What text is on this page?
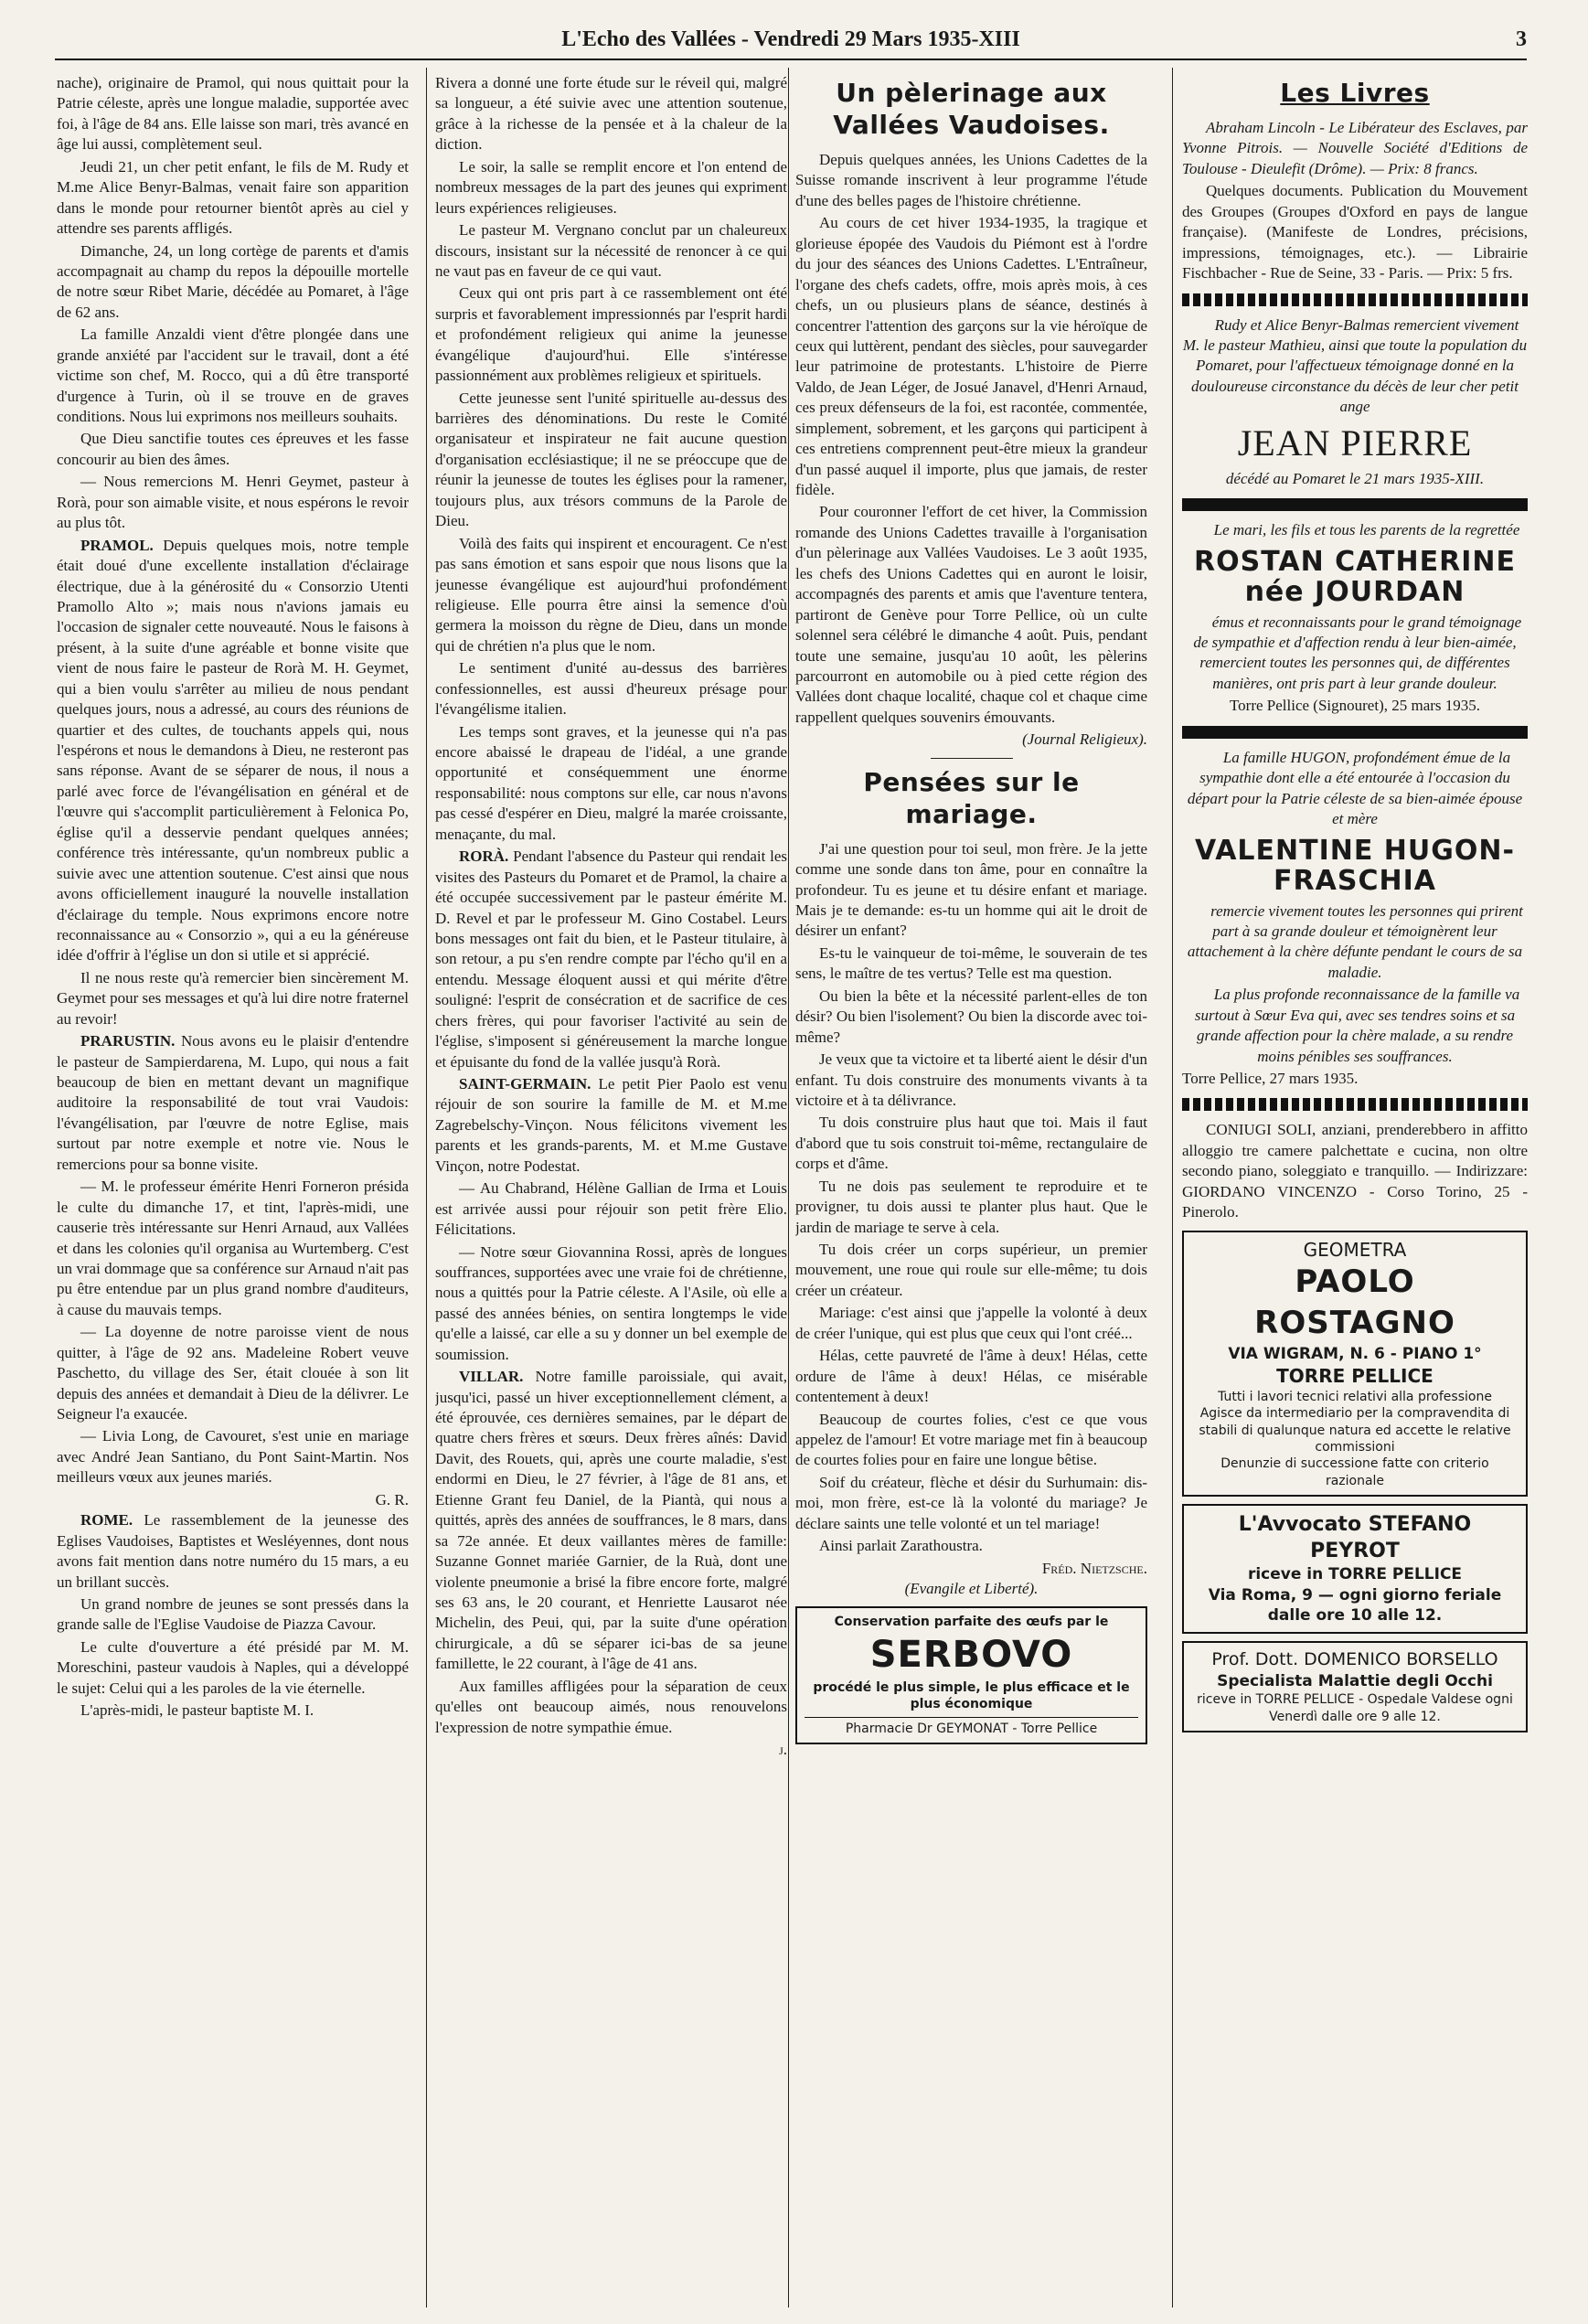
L'Echo des Vallées - Vendredi 29 Mars 1935-XIII	3

nache), originaire de Pramol, qui nous quittait pour la Patrie céleste, après une longue maladie, supportée avec foi, à l'âge de 84 ans. Elle laisse son mari, très avancé en âge lui aussi, complètement seul.

Jeudi 21, un cher petit enfant, le fils de M. Rudy et M.me Alice Benyr-Balmas, venait faire son apparition dans le monde pour retourner bientôt après au ciel y attendre ses parents affligés.

Dimanche, 24, un long cortège de parents et d'amis accompagnait au champ du repos la dépouille mortelle de notre sœur Ribet Marie, décédée au Pomaret, à l'âge de 62 ans.

La famille Anzaldi vient d'être plongée dans une grande anxiété par l'accident sur le travail, dont a été victime son chef, M. Rocco, qui a dû être transporté d'urgence à Turin, où il se trouve en de graves conditions. Nous lui exprimons nos meilleurs souhaits.

Que Dieu sanctifie toutes ces épreuves et les fasse concourir au bien des âmes.

— Nous remercions M. Henri Geymet, pasteur à Rorà, pour son aimable visite, et nous espérons le revoir au plus tôt.

PRAMOL. Depuis quelques mois, notre temple était doué d'une excellente installation d'éclairage électrique, due à la générosité du « Consorzio Utenti Pramollo Alto »; mais nous n'avions jamais eu l'occasion de signaler cette nouveauté. Nous le faisons à présent, à la suite d'une agréable et bonne visite que vient de nous faire le pasteur de Rorà M. H. Geymet, qui a bien voulu s'arrêter au milieu de nous pendant quelques jours, nous a adressé, au cours des réunions de quartier et des cultes, de touchants appels qui, nous l'espérons et nous le demandons à Dieu, ne resteront pas sans réponse. Avant de se séparer de nous, il nous a parlé avec force de l'évangélisation en général et de l'œuvre qui s'accomplit particulièrement à Felonica Po, église qu'il a desservie pendant quelques années; conférence très intéressante, qu'un nombreux public a suivie avec une attention soutenue. C'est ainsi que nous avons officiellement inauguré la nouvelle installation d'éclairage du temple. Nous exprimons encore notre reconnaissance au « Consorzio », qui a eu la généreuse idée d'offrir à l'église un don si utile et si apprécié.

Il ne nous reste qu'à remercier bien sincèrement M. Geymet pour ses messages et qu'à lui dire notre fraternel au revoir!

PRARUSTIN. Nous avons eu le plaisir d'entendre le pasteur de Sampierdarena, M. Lupo, qui nous a fait beaucoup de bien en mettant devant un magnifique auditoire la responsabilité de tout vrai Vaudois: l'évangélisation, par l'œuvre de notre Eglise, mais surtout par notre exemple et notre vie. Nous le remercions pour sa bonne visite.

— M. le professeur émérite Henri Forneron présida le culte du dimanche 17, et tint, l'après-midi, une causerie très intéressante sur Henri Arnaud, aux Vallées et dans les colonies qu'il organisa au Wurtemberg. C'est un vrai dommage que sa conférence sur Arnaud n'ait pas pu être entendue par un plus grand nombre d'auditeurs, à cause du mauvais temps.

— La doyenne de notre paroisse vient de nous quitter, à l'âge de 92 ans. Madeleine Robert veuve Paschetto, du village des Ser, était clouée à son lit depuis des années et demandait à Dieu de la délivrer. Le Seigneur l'a exaucée.

— Livia Long, de Cavouret, s'est unie en mariage avec André Jean Santiano, du Pont Saint-Martin. Nos meilleurs vœux aux jeunes mariés.

G. R.

ROME. Le rassemblement de la jeunesse des Eglises Vaudoises, Baptistes et Wesléyennes, dont nous avons fait mention dans notre numéro du 15 mars, a eu un brillant succès.

Un grand nombre de jeunes se sont pressés dans la grande salle de l'Eglise Vaudoise de Piazza Cavour.

Le culte d'ouverture a été présidé par M. M. Moreschini, pasteur vaudois à Naples, qui a développé le sujet: Celui qui a les paroles de la vie éternelle.

L'après-midi, le pasteur baptiste M. I.

Rivera a donné une forte étude sur le réveil qui, malgré sa longueur, a été suivie avec une attention soutenue, grâce à la richesse de la pensée et à la chaleur de la diction.

Le soir, la salle se remplit encore et l'on entend de nombreux messages de la part des jeunes qui expriment leurs expériences religieuses.

Le pasteur M. Vergnano conclut par un chaleureux discours, insistant sur la nécessité de renoncer à ce qui ne vaut pas en faveur de ce qui vaut.

Ceux qui ont pris part à ce rassemblement ont été surpris et favorablement impressionnés par l'esprit hardi et profondément religieux qui anime la jeunesse évangélique d'aujourd'hui. Elle s'intéresse passionnément aux problèmes religieux et spirituels.

Cette jeunesse sent l'unité spirituelle au-dessus des barrières des dénominations. Du reste le Comité organisateur et inspirateur ne fait aucune question d'organisation ecclésiastique; il ne se préoccupe que de réunir la jeunesse de toutes les églises pour la ramener, toujours plus, aux trésors communs de la Parole de Dieu.

Voilà des faits qui inspirent et encouragent. Ce n'est pas sans émotion et sans espoir que nous lisons que la jeunesse évangélique est aujourd'hui profondément religieuse. Elle pourra être ainsi la semence d'où germera la moisson du règne de Dieu, dans un monde qui de chrétien n'a plus que le nom.

Le sentiment d'unité au-dessus des barrières confessionnelles, est aussi d'heureux présage pour l'évangélisme italien.

Les temps sont graves, et la jeunesse qui n'a pas encore abaissé le drapeau de l'idéal, a une grande opportunité et conséquemment une énorme responsabilité: nous comptons sur elle, car nous n'avons pas cessé d'espérer en Dieu, malgré la marée croissante, menaçante, du mal.

RORÀ. Pendant l'absence du Pasteur qui rendait les visites des Pasteurs du Pomaret et de Pramol, la chaire a été occupée successivement par le pasteur émérite M. D. Revel et par le professeur M. Gino Costabel. Leurs bons messages ont fait du bien, et le Pasteur titulaire, à son retour, a pu s'en rendre compte par l'écho qu'il en a entendu. Message éloquent aussi et qui mérite d'être souligné: l'esprit de consécration et de sacrifice de ces chers frères, qui pour favoriser l'activité au sein de l'église, s'imposent si généreusement la marche longue et épuisante du fond de la vallée jusqu'à Rorà.

SAINT-GERMAIN. Le petit Pier Paolo est venu réjouir de son sourire la famille de M. et M.me Zagrebelschy-Vinçon. Nous félicitons vivement les parents et les grands-parents, M. et M.me Gustave Vinçon, notre Podestat.

— Au Chabrand, Hélène Gallian de Irma et Louis est arrivée aussi pour réjouir son petit frère Elio. Félicitations.

— Notre sœur Giovannina Rossi, après de longues souffrances, supportées avec une vraie foi de chrétienne, nous a quittés pour la Patrie céleste. A l'Asile, où elle a passé des années bénies, on sentira longtemps le vide qu'elle a laissé, car elle a su y donner un bel exemple de soumission.

VILLAR. Notre famille paroissiale, qui avait, jusqu'ici, passé un hiver exceptionnellement clément, a été éprouvée, ces dernières semaines, par le départ de quatre chers frères et sœurs. Deux frères aînés: David Davit, des Rouets, qui, après une courte maladie, s'est endormi en Dieu, le 27 février, à l'âge de 81 ans, et Etienne Grant feu Daniel, de la Piantà, qui nous a quittés, après des années de souffrances, le 8 mars, dans sa 72e année. Et deux vaillantes mères de famille: Suzanne Gonnet mariée Garnier, de la Ruà, dont une violente pneumonie a brisé la fibre encore forte, malgré ses 63 ans, le 20 courant, et Henriette Lausarot née Michelin, des Peui, qui, par la suite d'une opération chirurgicale, a dû se séparer ici-bas de sa jeune famillette, le 22 courant, à l'âge de 41 ans.

Aux familles affligées pour la séparation de ceux qu'elles ont beaucoup aimés, nous renouvelons l'expression de notre sympathie émue.

j.
Un pèlerinage aux Vallées Vaudoises.

Depuis quelques années, les Unions Cadettes de la Suisse romande inscrivent à leur programme l'étude d'une des belles pages de l'histoire chrétienne.

Au cours de cet hiver 1934-1935, la tragique et glorieuse épopée des Vaudois du Piémont est à l'ordre du jour des séances des Unions Cadettes. L'Entraîneur, l'organe des chefs cadets, offre, mois après mois, à ces chefs, un ou plusieurs plans de séance, destinés à concentrer l'attention des garçons sur la vie héroïque de ceux qui luttèrent, pendant des siècles, pour sauvegarder leur patrimoine de protestants. L'histoire de Pierre Valdo, de Jean Léger, de Josué Janavel, d'Henri Arnaud, ces preux défenseurs de la foi, est racontée, commentée, simplement, sobrement, et les garçons qui participent à ces entretiens comprennent peut-être mieux la grandeur d'un passé auquel il importe, plus que jamais, de rester fidèle.

Pour couronner l'effort de cet hiver, la Commission romande des Unions Cadettes travaille à l'organisation d'un pèlerinage aux Vallées Vaudoises. Le 3 août 1935, les chefs des Unions Cadettes qui en auront le loisir, accompagnés des parents et amis que l'aventure tentera, partiront de Genève pour Torre Pellice, où un culte solennel sera célébré le dimanche 4 août. Puis, pendant toute une semaine, jusqu'au 10 août, les pèlerins parcourront en automobile ou à pied cette région des Vallées dont chaque localité, chaque col et chaque cime rappellent quelques souvenirs émouvants.

(Journal Religieux).
Pensées sur le mariage.

J'ai une question pour toi seul, mon frère. Je la jette comme une sonde dans ton âme, pour en connaître la profondeur. Tu es jeune et tu désire enfant et mariage. Mais je te demande: es-tu un homme qui ait le droit de désirer un enfant?

Es-tu le vainqueur de toi-même, le souverain de tes sens, le maître de tes vertus? Telle est ma question.

Ou bien la bête et la nécessité parlent-elles de ton désir? Ou bien l'isolement? Ou bien la discorde avec toi-même?

Je veux que ta victoire et ta liberté aient le désir d'un enfant. Tu dois construire des monuments vivants à ta victoire et à ta délivrance.

Tu dois construire plus haut que toi. Mais il faut d'abord que tu sois construit toi-même, rectangulaire de corps et d'âme.

Tu ne dois pas seulement te reproduire et te provigner, tu dois aussi te planter plus haut. Que le jardin de mariage te serve à cela.

Tu dois créer un corps supérieur, un premier mouvement, une roue qui roule sur elle-même; tu dois créer un créateur.

Mariage: c'est ainsi que j'appelle la volonté à deux de créer l'unique, qui est plus que ceux qui l'ont créé...

Hélas, cette pauvreté de l'âme à deux! Hélas, cette ordure de l'âme à deux! Hélas, ce misérable contentement à deux!

Beaucoup de courtes folies, c'est ce que vous appelez de l'amour! Et votre mariage met fin à beaucoup de courtes folies pour en faire une longue bêtise.

Soif du créateur, flèche et désir du Surhumain: dis-moi, mon frère, est-ce là la volonté du mariage? Je déclare saints une telle volonté et un tel mariage!

Ainsi parlait Zarathoustra.

Fréd. Nietzsche.
(Evangile et Liberté).
Conservation parfaite des œufs par le
SERBOVO
procédé le plus simple, le plus efficace et le plus économique
Pharmacie Dr GEYMONAT - Torre Pellice
Les Livres

Abraham Lincoln - Le Libérateur des Esclaves, par Yvonne Pitrois. — Nouvelle Société d'Editions de Toulouse - Dieulefit (Drôme). — Prix: 8 francs.

Quelques documents. Publication du Mouvement des Groupes (Groupes d'Oxford en pays de langue française). (Manifeste de Londres, précisions, impressions, témoignages, etc.). — Librairie Fischbacher - Rue de Seine, 33 - Paris. — Prix: 5 frs.

Rudy et Alice Benyr-Balmas remercient vivement M. le pasteur Mathieu, ainsi que toute la population du Pomaret, pour l'affectueux témoignage donné en la douloureuse circonstance du décès de leur cher petit ange

JEAN PIERRE
décédé au Pomaret le 21 mars 1935-XIII.

Le mari, les fils et tous les parents de la regrettée

ROSTAN CATHERINE née JOURDAN

émus et reconnaissants pour le grand témoignage de sympathie et d'affection rendu à leur bien-aimée, remercient toutes les personnes qui, de différentes manières, ont pris part à leur grande douleur.

Torre Pellice (Signouret), 25 mars 1935.

La famille HUGON, profondément émue de la sympathie dont elle a été entourée à l'occasion du départ pour la Patrie céleste de sa bien-aimée épouse et mère

VALENTINE HUGON-FRASCHIA

remercie vivement toutes les personnes qui prirent part à sa grande douleur et témoignèrent leur attachement à la chère défunte pendant le cours de sa maladie.

La plus profonde reconnaissance de la famille va surtout à Sœur Eva qui, avec ses tendres soins et sa grande affection pour la chère malade, a su rendre moins pénibles ses souffrances.

Torre Pellice, 27 mars 1935.

CONIUGI SOLI, anziani, prenderebbero in affitto alloggio tre camere palchettate e cucina, non oltre secondo piano, soleggiato e tranquillo. — Indirizzare: GIORDANO VINCENZO - Corso Torino, 25 - Pinerolo.

GEOMETRA
PAOLO ROSTAGNO
VIA WIGRAM, N. 6 - PIANO 1°
TORRE PELLICE
Tutti i lavori tecnici relativi alla professione
Agisce da intermediario per la compravendita di stabili di qualunque natura ed accette le relative commissioni
Denunzie di successione fatte con criterio razionale
L'Avvocato STEFANO PEYROT
riceve in TORRE PELLICE
Via Roma, 9 — ogni giorno feriale dalle ore 10 alle 12.
Prof. Dott. DOMENICO BORSELLO
Specialista Malattie degli Occhi
riceve in TORRE PELLICE - Ospedale Valdese ogni Venerdì dalle ore 9 alle 12.
